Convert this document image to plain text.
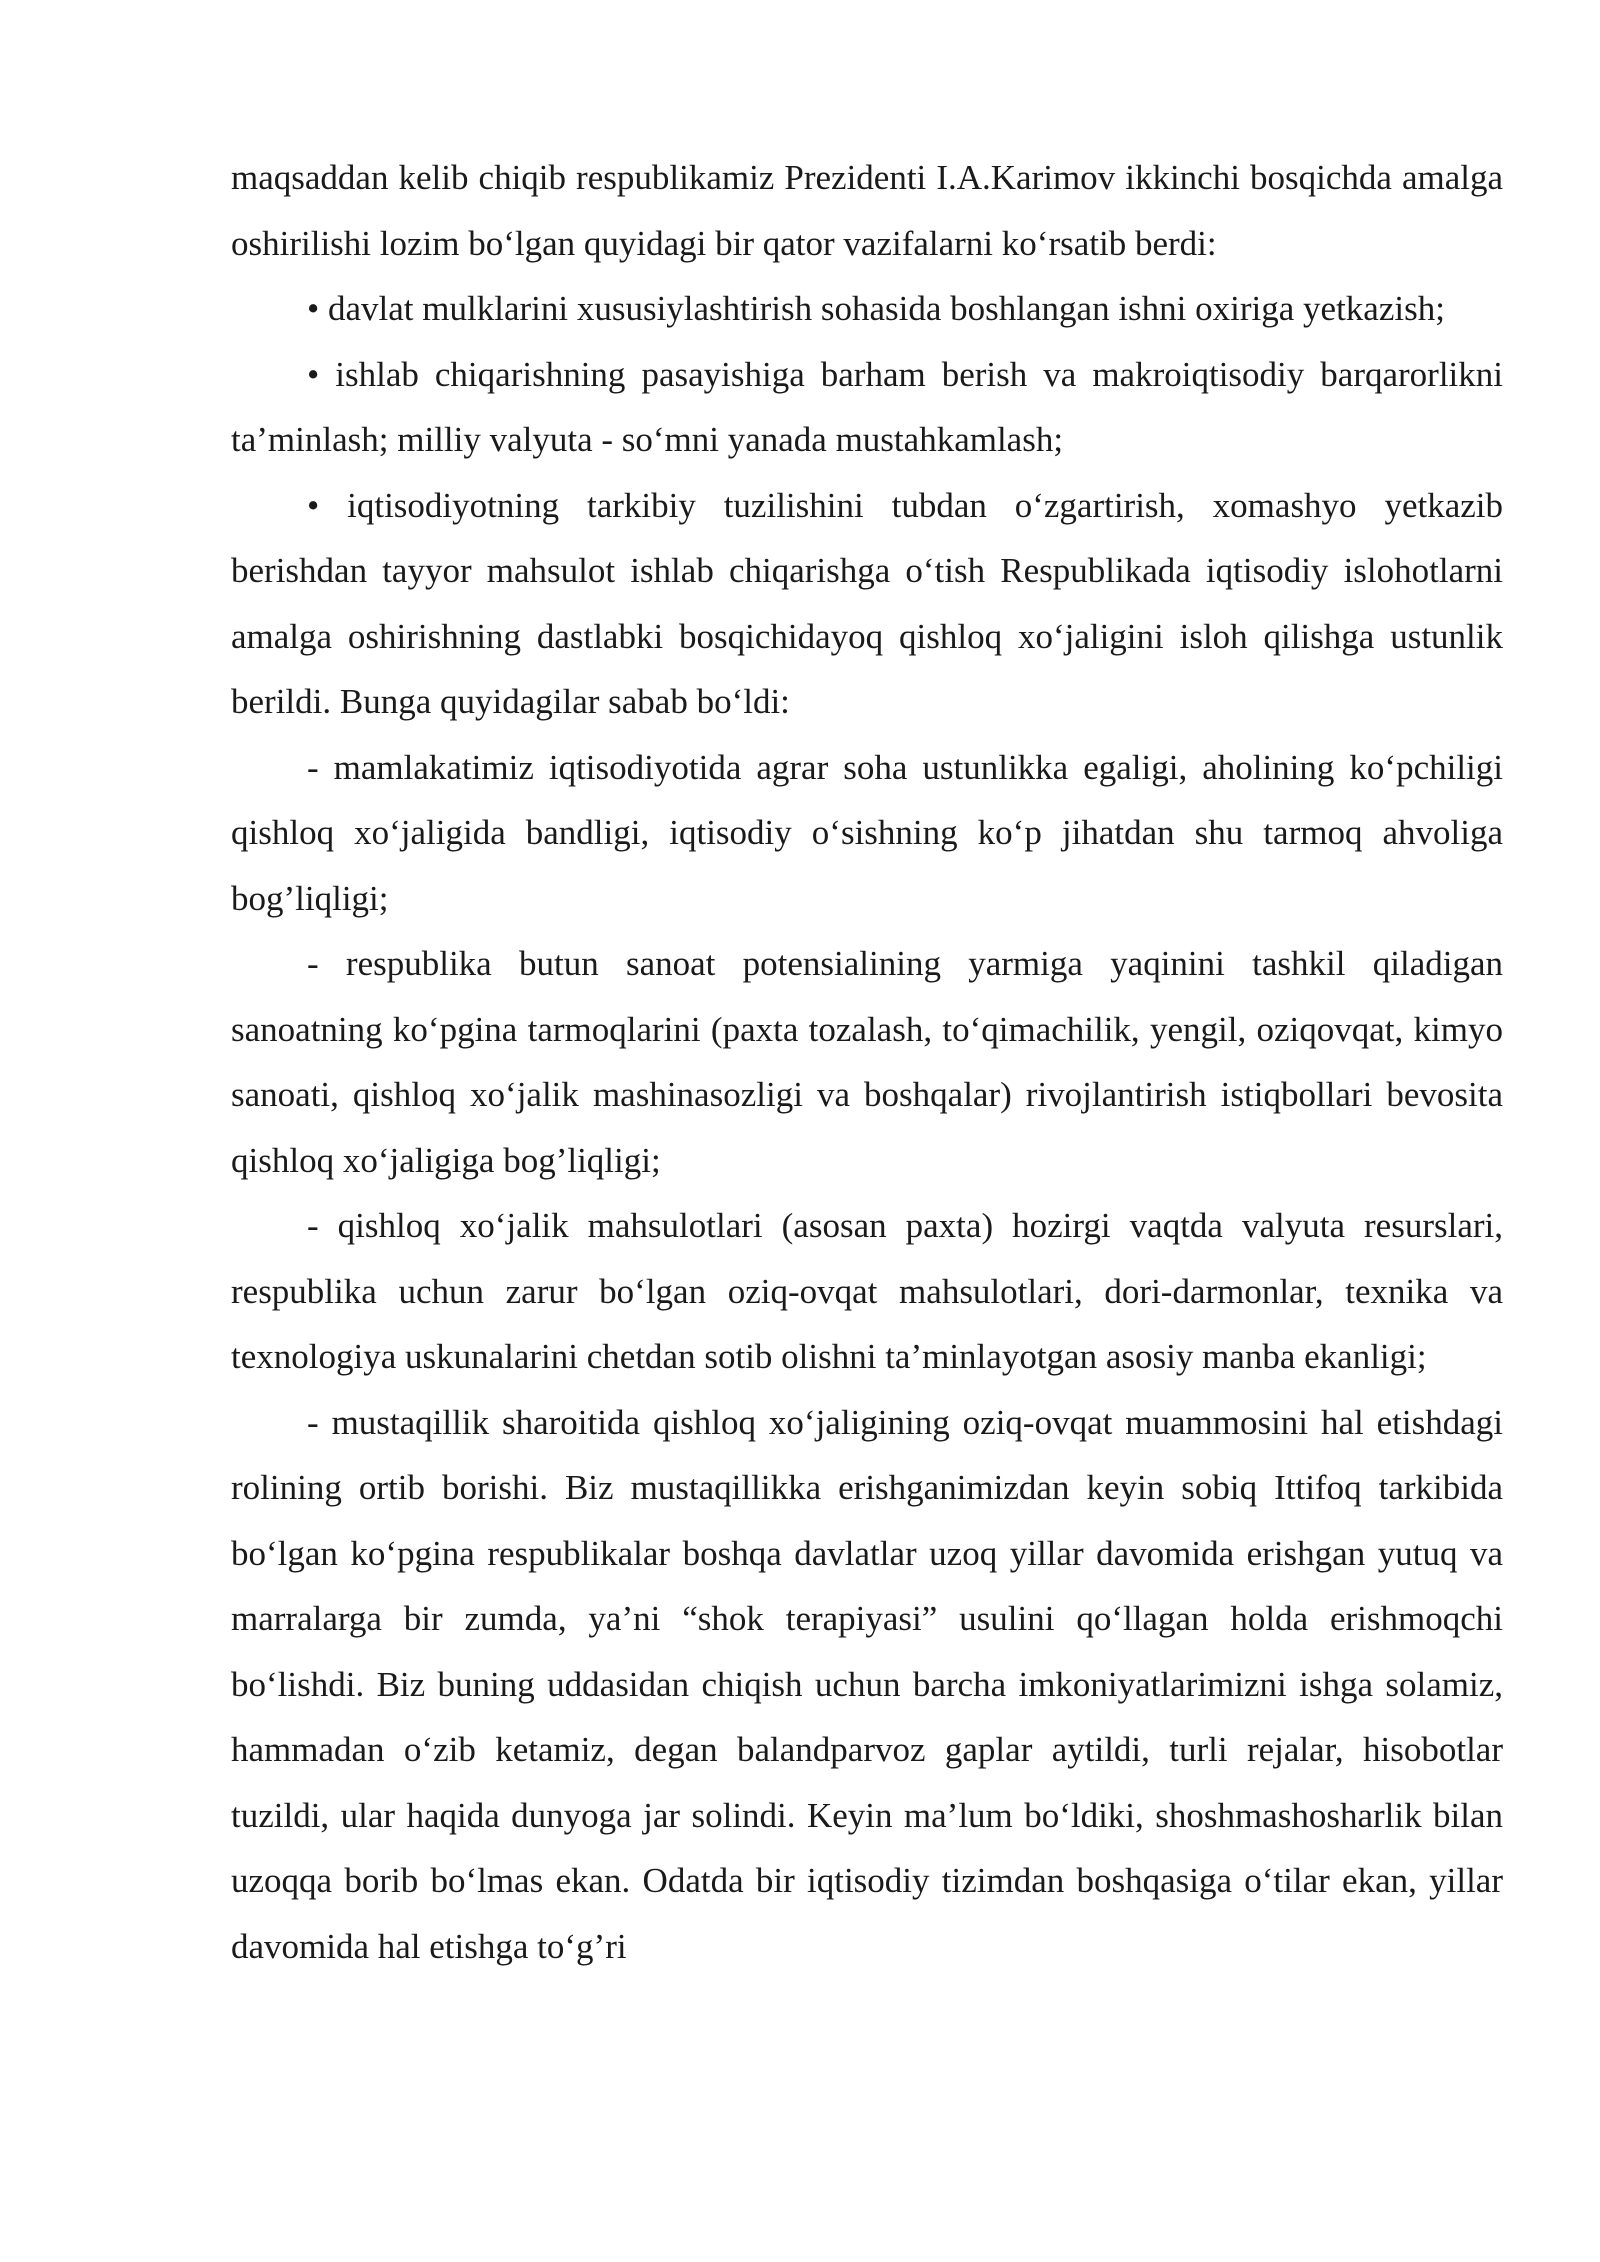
maqsaddan kelib chiqib respublikamiz Prezidenti I.A.Karimov ikkinchi bosqichda amalga oshirilishi lozim bo‘lgan quyidagi bir qator vazifalarni ko‘rsatib berdi:

• davlat mulklarini xususiylashtirish sohasida boshlangan ishni oxiriga yetkazish;

• ishlab chiqarishning pasayishiga barham berish va makroiqtisodiy barqarorlikni ta’minlash; milliy valyuta - so‘mni yanada mustahkamlash;

• iqtisodiyotning tarkibiy tuzilishini tubdan o‘zgartirish, xomashyo yetkazib berishdan tayyor mahsulot ishlab chiqarishga o‘tish Respublikada iqtisodiy islohotlarni amalga oshirishning dastlabki bosqichidayoq qishloq xo‘jaligini isloh qilishga ustunlik berildi. Bunga quyidagilar sabab bo‘ldi:

- mamlakatimiz iqtisodiyotida agrar soha ustunlikka egaligi, aholining ko‘pchiligi qishloq xo‘jaligida bandligi, iqtisodiy o‘sishning ko‘p jihatdan shu tarmoq ahvoliga bog’liqligi;

- respublika butun sanoat potensialining yarmiga yaqinini tashkil qiladigan sanoatning ko‘pgina tarmoqlarini (paxta tozalash, to‘qimachilik, yengil, oziqovqat, kimyo sanoati, qishloq xo‘jalik mashinasozligi va boshqalar) rivojlantirish istiqbollari bevosita qishloq xo‘jaligiga bog’liqligi;

- qishloq xo‘jalik mahsulotlari (asosan paxta) hozirgi vaqtda valyuta resurslari, respublika uchun zarur bo‘lgan oziq-ovqat mahsulotlari, dori-darmonlar, texnika va texnologiya uskunalarini chetdan sotib olishni ta’minlayotgan asosiy manba ekanligi;

- mustaqillik sharoitida qishloq xo‘jaligining oziq-ovqat muammosini hal etishdagi rolining ortib borishi. Biz mustaqillikka erishganimizdan keyin sobiq Ittifoq tarkibida bo‘lgan ko‘pgina respublikalar boshqa davlatlar uzoq yillar davomida erishgan yutuq va marralarga bir zumda, ya’ni “shok terapiyasi” usulini qo‘llagan holda erishmoqchi bo‘lishdi. Biz buning uddasidan chiqish uchun barcha imkoniyatlarimizni ishga solamiz, hammadan o‘zib ketamiz, degan balandparvoz gaplar aytildi, turli rejalar, hisobotlar tuzildi, ular haqida dunyoga jar solindi. Keyin ma’lum bo‘ldiki, shoshmashosharlik bilan uzoqqa borib bo‘lmas ekan. Odatda bir iqtisodiy tizimdan boshqasiga o‘tilar ekan, yillar davomida hal etishga to‘g’ri
